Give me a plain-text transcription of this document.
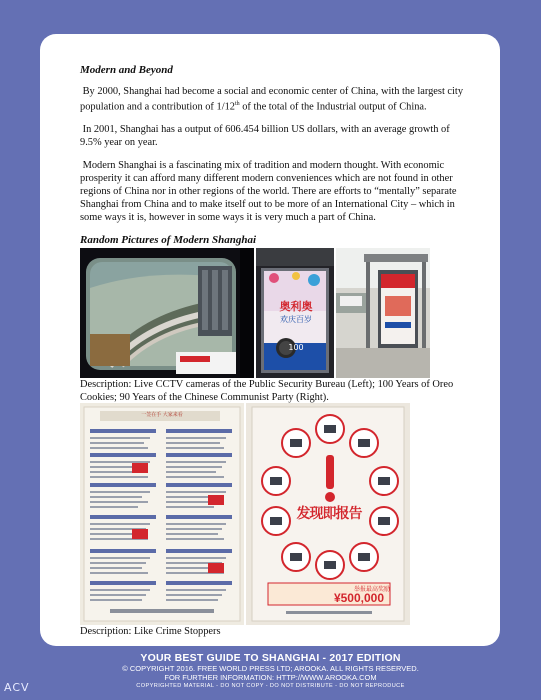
Modern and Beyond

By 2000, Shanghai had become a social and economic center of China, with the largest city population and a contribution of 1/12th of the total of the Industrial output of China.

In 2001, Shanghai has a output of 606.454 billion US dollars, with an average growth of 9.5% year on year.

Modern Shanghai is a fascinating mix of tradition and modern thought. With economic prosperity it can afford many different modern conveniences which are not found in other regions of China nor in other regions of the world. There are efforts to “mentally” separate Shanghai from China and to make itself out to be more of an International City – which in some ways it is, however in some ways it is very much a part of China.

Random Pictures of Modern Shanghai

奥利奥
欢庆百岁
100
Description: Live CCTV cameras of the Public Security Bureau (Left); 100 Years of Oreo Cookies; 90 Years of the Chinese Communist Party (Right).
一签在手 大家来看
发现即报告
举报最高奖励
¥500,000
Description: Like Crime Stoppers
YOUR BEST GUIDE TO SHANGHAI - 2017 EDITION
© COPYRIGHT 2016. FREE WORLD PRESS LTD; AROOKA. ALL RIGHTS RESERVED.
FOR FURTHER INFORMATION: HTTP://WWW.AROOKA.COM
COPYRIGHTED MATERIAL - DO NOT COPY - DO NOT DISTRIBUTE - DO NOT REPRODUCE
ACV
